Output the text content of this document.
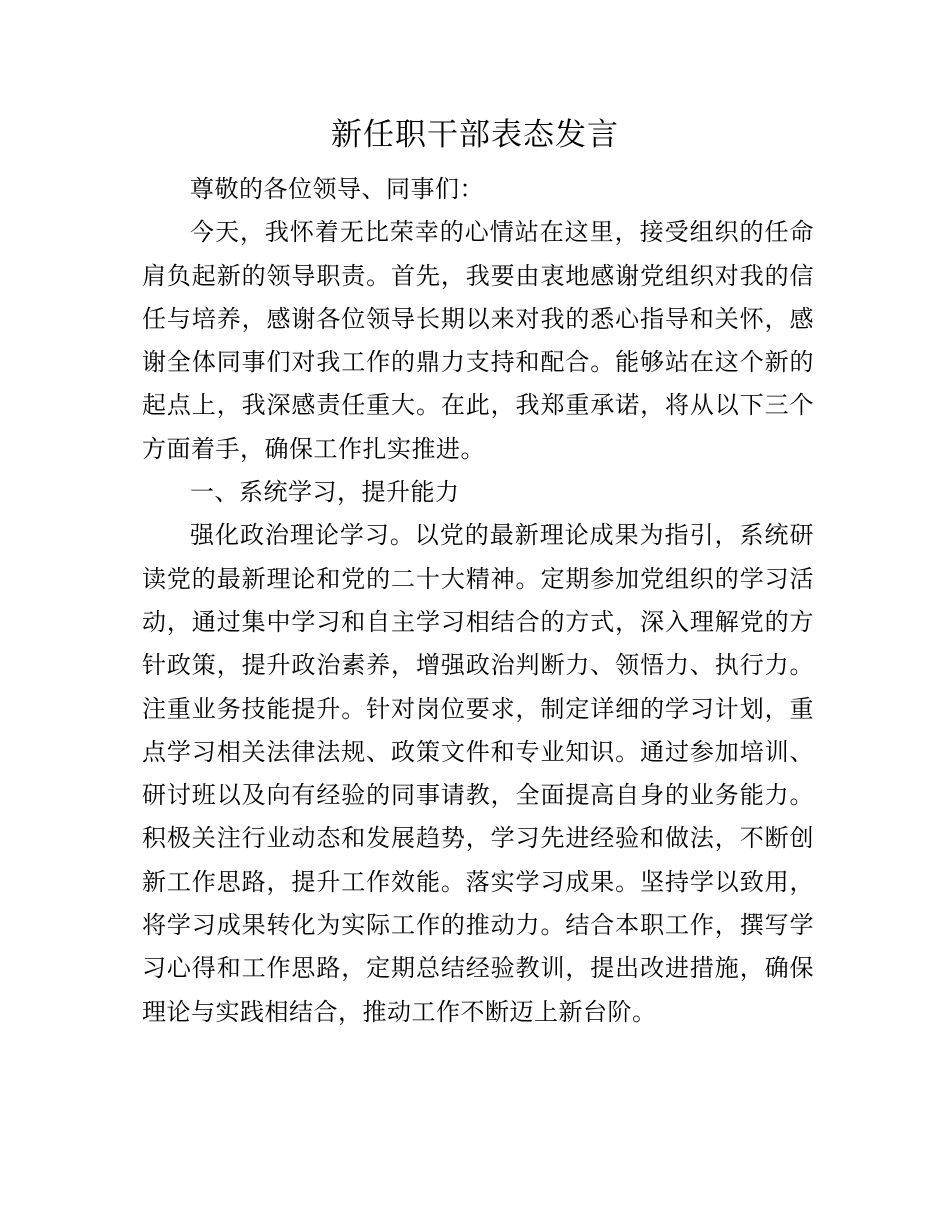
新任职干部表态发言

尊敬的各位领导、同事们：

今天，我怀着无比荣幸的心情站在这里，接受组织的任命肩负起新的领导职责。首先，我要由衷地感谢党组织对我的信任与培养，感谢各位领导长期以来对我的悉心指导和关怀，感谢全体同事们对我工作的鼎力支持和配合。能够站在这个新的起点上，我深感责任重大。在此，我郑重承诺，将从以下三个方面着手，确保工作扎实推进。

一、系统学习，提升能力

强化政治理论学习。以党的最新理论成果为指引，系统研读党的最新理论和党的二十大精神。定期参加党组织的学习活动，通过集中学习和自主学习相结合的方式，深入理解党的方针政策，提升政治素养，增强政治判断力、领悟力、执行力。注重业务技能提升。针对岗位要求，制定详细的学习计划，重点学习相关法律法规、政策文件和专业知识。通过参加培训、研讨班以及向有经验的同事请教，全面提高自身的业务能力。积极关注行业动态和发展趋势，学习先进经验和做法，不断创新工作思路，提升工作效能。落实学习成果。坚持学以致用，将学习成果转化为实际工作的推动力。结合本职工作，撰写学习心得和工作思路，定期总结经验教训，提出改进措施，确保理论与实践相结合，推动工作不断迈上新台阶。
